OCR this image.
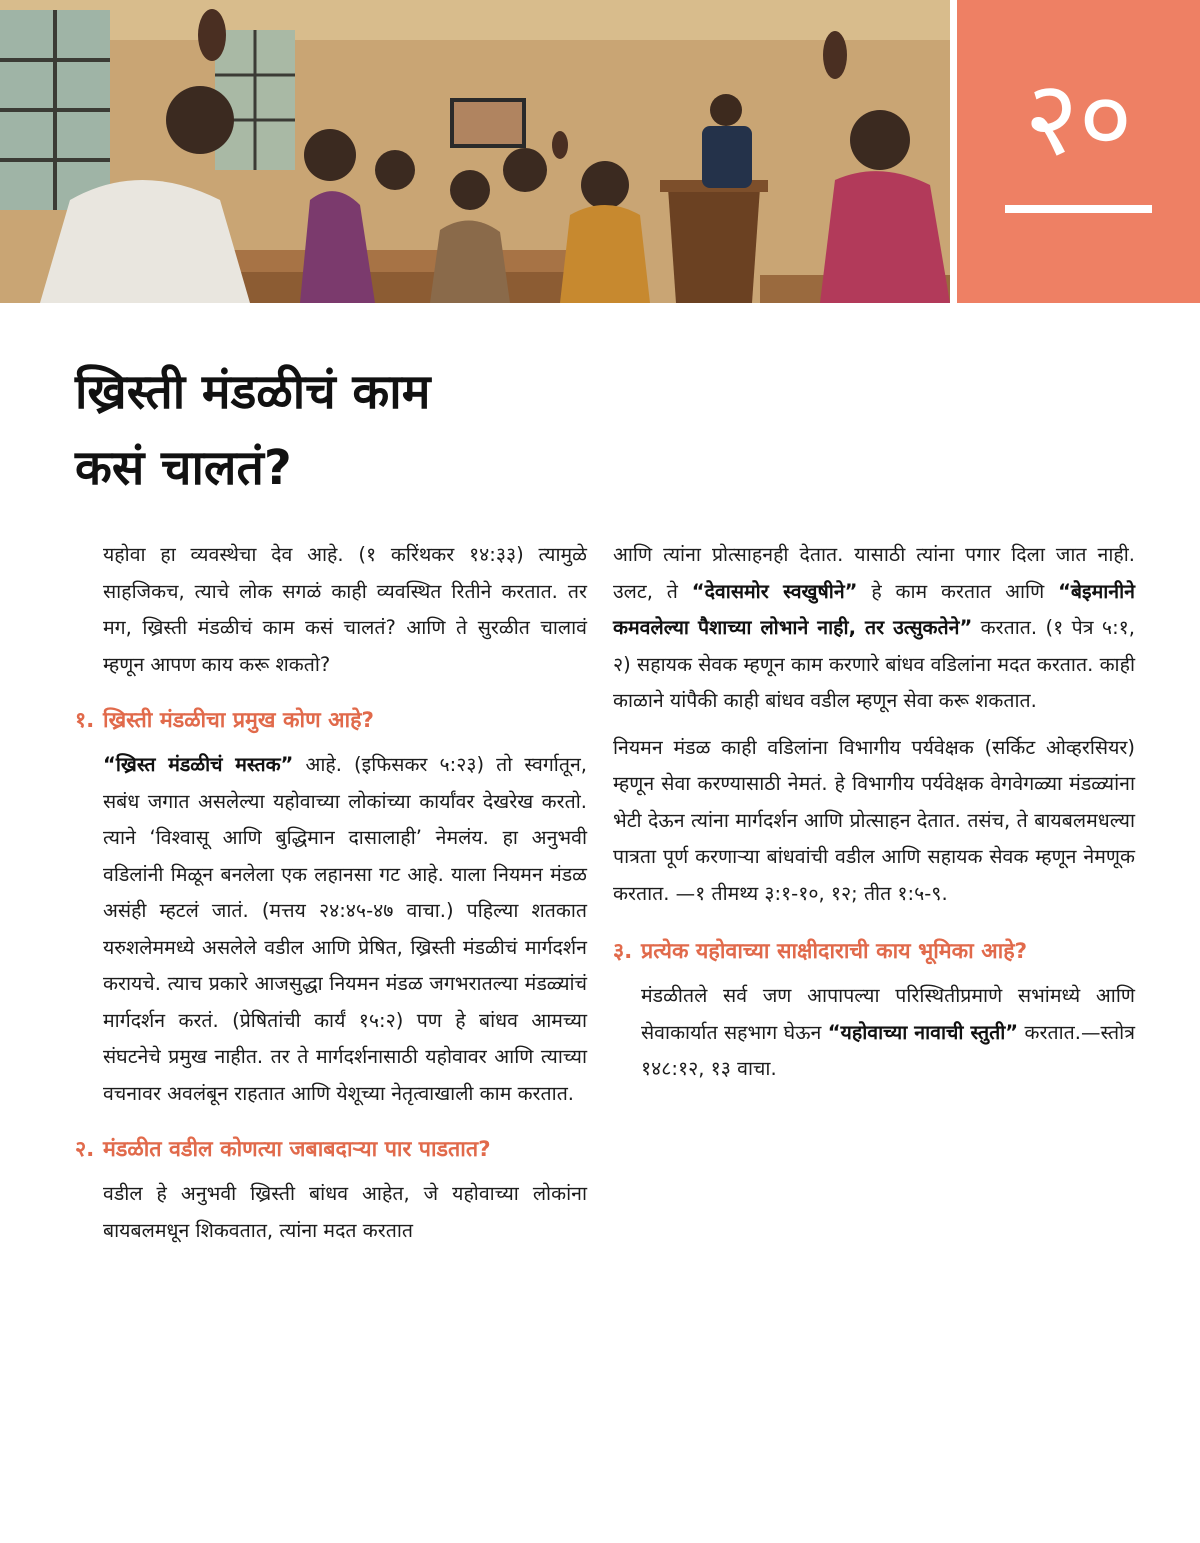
२०
ख्रिस्ती मंडळीचं काम
कसं चालतं?

यहोवा हा व्यवस्थेचा देव आहे. (१ करिंथकर १४:३३) त्यामुळे साहजिकच, त्याचे लोक सगळं काही व्यवस्थित रितीने करतात. तर मग, ख्रिस्ती मंडळीचं काम कसं चालतं? आणि ते सुरळीत चालावं म्हणून आपण काय करू शकतो?

१. ख्रिस्ती मंडळीचा प्रमुख कोण आहे?

“ख्रिस्त मंडळीचं मस्तक” आहे. (इफिसकर ५:२३) तो स्वर्गातून, सबंध जगात असलेल्या यहोवाच्या लोकांच्या कार्यांवर देखरेख करतो. त्याने ‘विश्वासू आणि बुद्धिमान दासालाही’ नेमलंय. हा अनुभवी वडिलांनी मिळून बनलेला एक लहानसा गट आहे. याला नियमन मंडळ असंही म्हटलं जातं. (मत्तय २४:४५-४७ वाचा.) पहिल्या शतकात यरुशलेममध्ये असलेले वडील आणि प्रेषित, ख्रिस्ती मंडळीचं मार्गदर्शन करायचे. त्याच प्रकारे आजसुद्धा नियमन मंडळ जगभरातल्या मंडळ्यांचं मार्गदर्शन करतं. (प्रेषितांची कार्यं १५:२) पण हे बांधव आमच्या संघटनेचे प्रमुख नाहीत. तर ते मार्गदर्शनासाठी यहोवावर आणि त्याच्या वचनावर अवलंबून राहतात आणि येशूच्या नेतृत्वाखाली काम करतात.

२. मंडळीत वडील कोणत्या जबाबदाऱ्या पार पाडतात?

वडील हे अनुभवी ख्रिस्ती बांधव आहेत, जे यहोवाच्या लोकांना बायबलमधून शिकवतात, त्यांना मदत करतात

आणि त्यांना प्रोत्साहनही देतात. यासाठी त्यांना पगार दिला जात नाही. उलट, ते “देवासमोर स्वखुषीने” हे काम करतात आणि “बेइमानीने कमवलेल्या पैशाच्या लोभाने नाही, तर उत्सुकतेने” करतात. (१ पेत्र ५:१, २) सहायक सेवक म्हणून काम करणारे बांधव वडिलांना मदत करतात. काही काळाने यांपैकी काही बांधव वडील म्हणून सेवा करू शकतात.

नियमन मंडळ काही वडिलांना विभागीय पर्यवेक्षक (सर्किट ओव्हरसियर) म्हणून सेवा करण्यासाठी नेमतं. हे विभागीय पर्यवेक्षक वेगवेगळ्या मंडळ्यांना भेटी देऊन त्यांना मार्गदर्शन आणि प्रोत्साहन देतात. तसंच, ते बायबलमधल्या पात्रता पूर्ण करणाऱ्या बांधवांची वडील आणि सहायक सेवक म्हणून नेमणूक करतात. —१ तीमथ्य ३:१-१०, १२; तीत १:५-९.

३. प्रत्येक यहोवाच्या साक्षीदाराची काय भूमिका आहे?

मंडळीतले सर्व जण आपापल्या परिस्थितीप्रमाणे सभांमध्ये आणि सेवाकार्यात सहभाग घेऊन “यहोवाच्या नावाची स्तुती” करतात.—स्तोत्र १४८:१२, १३ वाचा.
